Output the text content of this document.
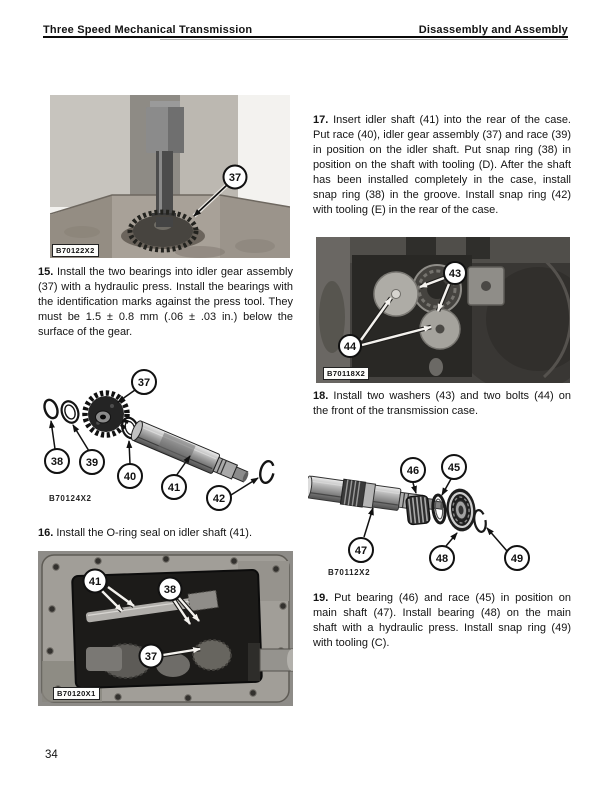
Three Speed Mechanical Transmission	Disassembly and Assembly
37
B70122X2
37
38 39
40
41
42
B70124X2
41
38
37
B70120X1
43
44
B70118X2
46	45
47
48	49
B70112X2

15. Install the two bearings into idler gear assembly (37) with a hydraulic press. Install the bearings with the identification marks against the press tool. They must be 1.5 ± 0.8 mm (.06 ± .03 in.) below the surface of the gear.

16. Install the O-ring seal on idler shaft (41).

17. Insert idler shaft (41) into the rear of the case. Put race (40), idler gear assembly (37) and race (39) in position on the idler shaft. Put snap ring (38) in position on the shaft with tooling (D). After the shaft has been installed completely in the case, install snap ring (38) in the groove. Install snap ring (42) with tooling (E) in the rear of the case.

18. Install two washers (43) and two bolts (44) on the front of the transmission case.

19. Put bearing (46) and race (45) in position on main shaft (47). Install bearing (48) on the main shaft with a hydraulic press. Install snap ring (49) with tooling (C).

34
